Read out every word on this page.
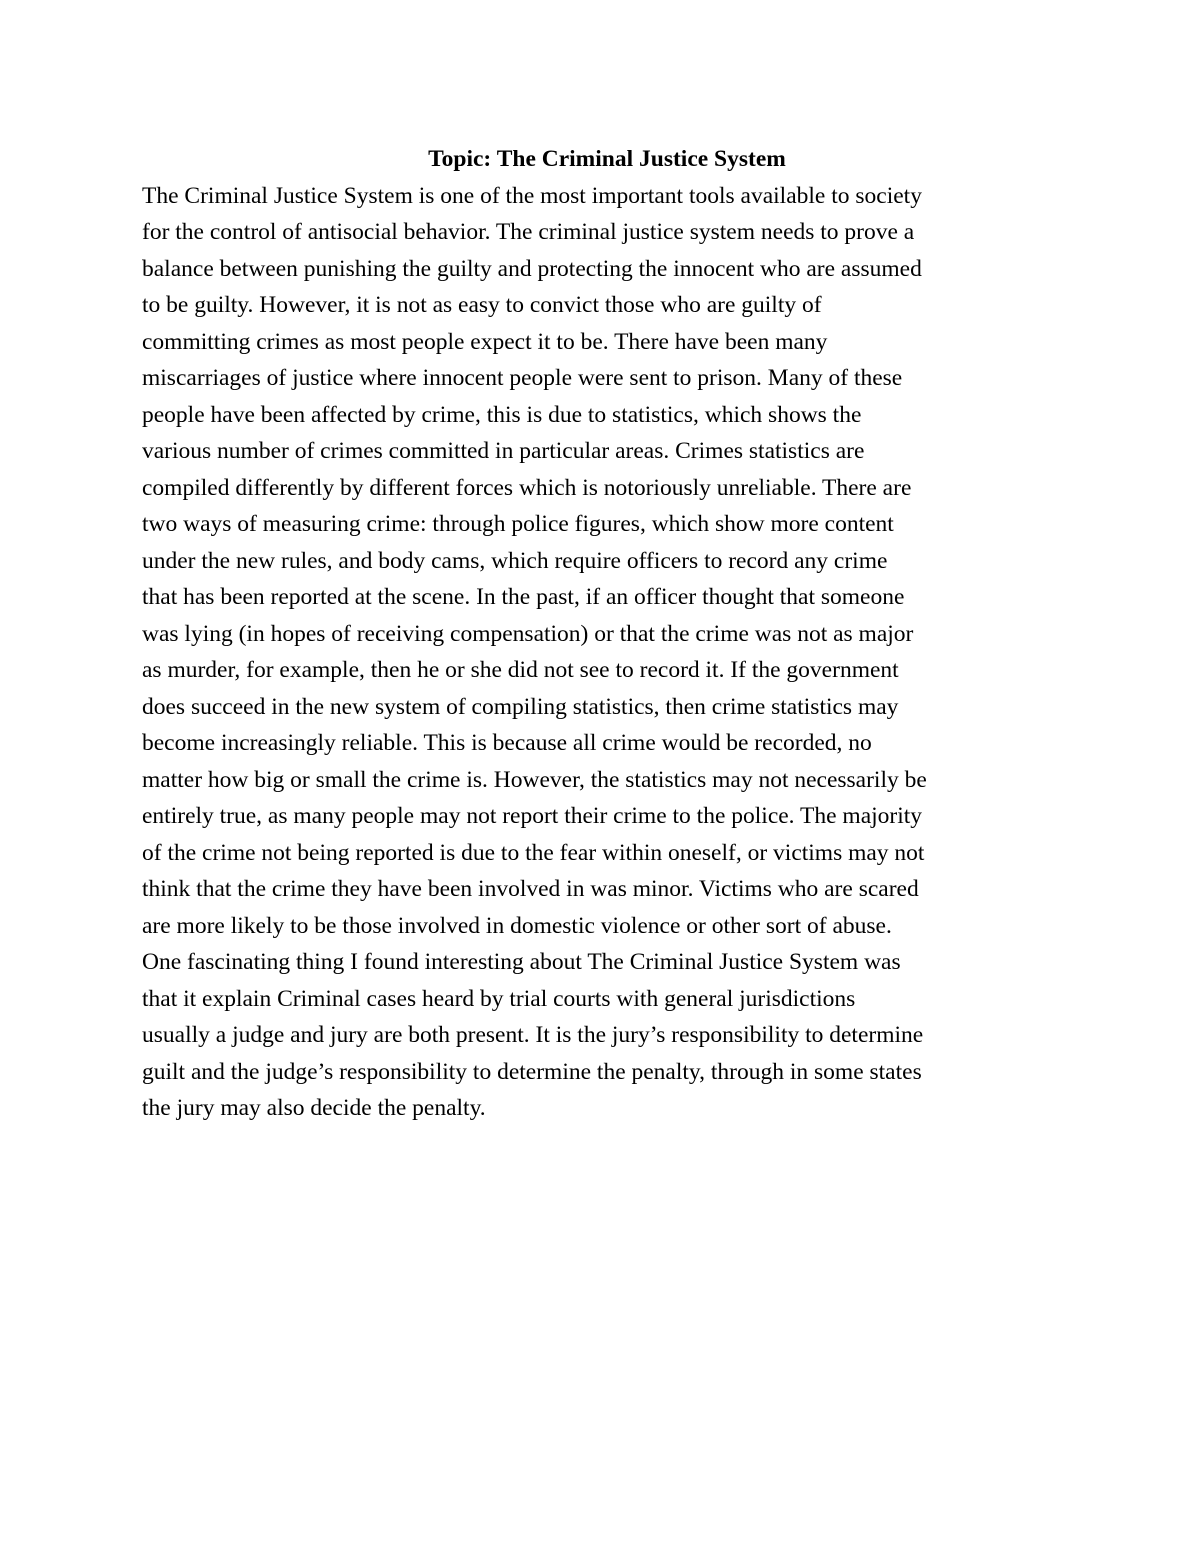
Topic: The Criminal Justice System
The Criminal Justice System is one of the most important tools available to society
for the control of antisocial behavior. The criminal justice system needs to prove a
balance between punishing the guilty and protecting the innocent who are assumed
to be guilty. However, it is not as easy to convict those who are guilty of
committing crimes as most people expect it to be. There have been many
miscarriages of justice where innocent people were sent to prison. Many of these
people have been affected by crime, this is due to statistics, which shows the
various number of crimes committed in particular areas. Crimes statistics are
compiled differently by different forces which is notoriously unreliable. There are
two ways of measuring crime: through police figures, which show more content
under the new rules, and body cams, which require officers to record any crime
that has been reported at the scene. In the past, if an officer thought that someone
was lying (in hopes of receiving compensation) or that the crime was not as major
as murder, for example, then he or she did not see to record it. If the government
does succeed in the new system of compiling statistics, then crime statistics may
become increasingly reliable. This is because all crime would be recorded, no
matter how big or small the crime is. However, the statistics may not necessarily be
entirely true, as many people may not report their crime to the police. The majority
of the crime not being reported is due to the fear within oneself, or victims may not
think that the crime they have been involved in was minor. Victims who are scared
are more likely to be those involved in domestic violence or other sort of abuse.
One fascinating thing I found interesting about The Criminal Justice System was
that it explain Criminal cases heard by trial courts with general jurisdictions
usually a judge and jury are both present. It is the jury’s responsibility to determine
guilt and the judge’s responsibility to determine the penalty, through in some states
the jury may also decide the penalty.
